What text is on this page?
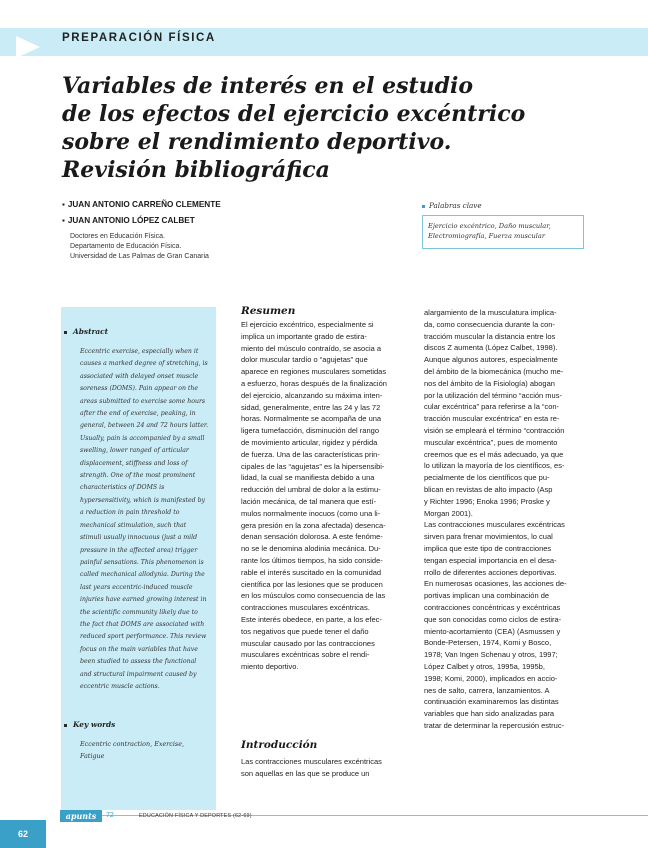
PREPARACIÓN FÍSICA
Variables de interés en el estudio
de los efectos del ejercicio excéntrico
sobre el rendimiento deportivo.
Revisión bibliográfica
▪ JUAN ANTONIO CARREÑO CLEMENTE
▪ JUAN ANTONIO LÓPEZ CALBET
Doctores en Educación Física.
Departamento de Educación Física.
Universidad de Las Palmas de Gran Canaria
Palabras clave
Ejercicio excéntrico, Daño muscular,
Electromiografía, Fuerza muscular
Abstract
Eccentric exercise, especially when it
causes a marked degree of stretching, is
associated with delayed onset muscle
soreness (DOMS). Pain appear on the
areas submitted to exercise some hours
after the end of exercise, peaking, in
general, between 24 and 72 hours latter.
Usually, pain is accompanied by a small
swelling, lower ranged of articular
displacement, stiffness and loss of
strength. One of the most prominent
characteristics of DOMS is
hypersensitivity, which is manifested by
a reduction in pain threshold to
mechanical stimulation, such that
stimuli usually innocuous (just a mild
pressure in the affected area) trigger
painful sensations. This phenomenon is
called mechanical allodynia. During the
last years eccentric-induced muscle
injuries have earned growing interest in
the scientific community likely due to
the fact that DOMS are associated with
reduced sport performance. This review
focus on the main variables that have
been studied to assess the functional
and structural impairment caused by
eccentric muscle actions.
Key words
Eccentric contraction, Exercise,
Fatigue
Resumen
El ejercicio excéntrico, especialmente si
implica un importante grado de estira-
miento del músculo contraído, se asocia a
dolor muscular tardío o “agujetas” que
aparece en regiones musculares sometidas
a esfuerzo, horas después de la finalización
del ejercicio, alcanzando su máxima inten-
sidad, generalmente, entre las 24 y las 72
horas. Normalmente se acompaña de una
ligera tumefacción, disminución del rango
de movimiento articular, rigidez y pérdida
de fuerza. Una de las características prin-
cipales de las “agujetas” es la hipersensibi-
lidad, la cual se manifiesta debido a una
reducción del umbral de dolor a la estimu-
lación mecánica, de tal manera que estí-
mulos normalmente inocuos (como una li-
gera presión en la zona afectada) desenca-
denan sensación dolorosa. A este fenóme-
no se le denomina alodinia mecánica. Du-
rante los últimos tiempos, ha sido conside-
rable el interés suscitado en la comunidad
científica por las lesiones que se producen
en los músculos como consecuencia de las
contracciones musculares excéntricas.
Este interés obedece, en parte, a los efec-
tos negativos que puede tener el daño
muscular causado por las contracciones
musculares excéntricas sobre el rendi-
miento deportivo.
Introducción
Las contracciones musculares excéntricas
son aquellas en las que se produce un
alargamiento de la musculatura implica-
da, como consecuencia durante la con-
traccióm muscular la distancia entre los
discos Z aumenta (López Calbet, 1998).
Aunque algunos autores, especialmente
del ámbito de la biomecánica (mucho me-
nos del ámbito de la Fisiología) abogan
por la utilización del término “acción mus-
cular excéntrica” para referirse a la “con-
tracción muscular excéntrica” en esta re-
visión se empleará el término “contracción
muscular excéntrica”, pues de momento
creemos que es el más adecuado, ya que
lo utilizan la mayoría de los científicos, es-
pecialmente de los científicos que pu-
blican en revistas de alto impacto (Asp
y Richter 1996; Enoka 1996; Proske y
Morgan 2001).
Las contracciones musculares excéntricas
sirven para frenar movimientos, lo cual
implica que este tipo de contracciones
tengan especial importancia en el desa-
rrollo de diferentes acciones deportivas.
En numerosas ocasiones, las acciones de-
portivas implican una combinación de
contracciones concéntricas y excéntricas
que son conocidas como ciclos de estira-
miento-acortamiento (CEA) (Asmussen y
Bonde-Petersen, 1974, Komi y Bosco,
1978; Van Ingen Schenau y otros, 1997;
López Calbet y otros, 1995a, 1995b,
1998; Komi, 2000), implicados en accio-
nes de salto, carrera, lanzamientos. A
continuación examinaremos las distintas
variables que han sido analizadas para
tratar de determinar la repercusión estruc-
apunts	72	EDUCACIÓN FÍSICA Y DEPORTES (62-69)
62
